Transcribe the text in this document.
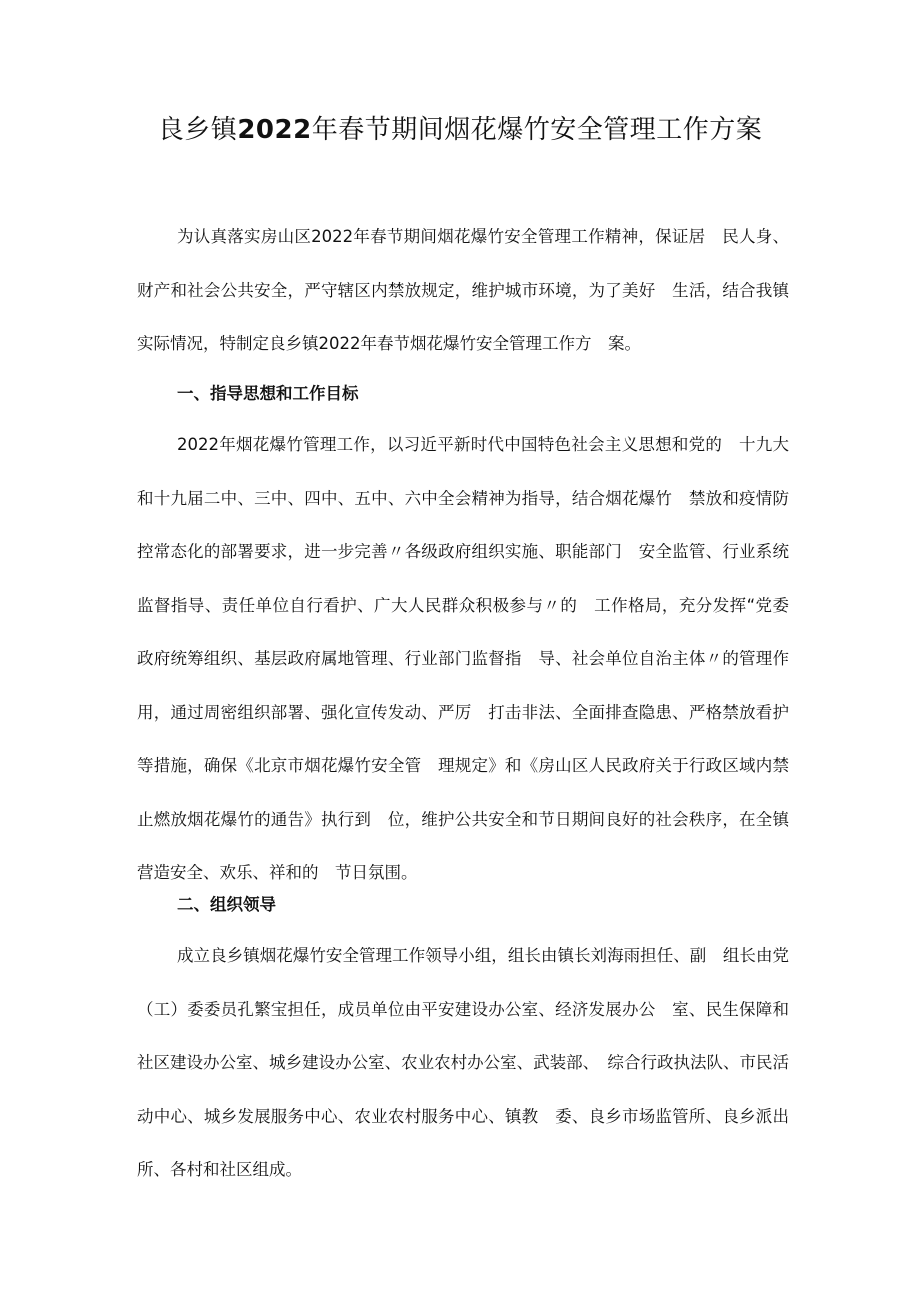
良乡镇2022年春节期间烟花爆竹安全管理工作方案

为认真落实房山区2022年春节期间烟花爆竹安全管理工作精神，保证居　民人身、财产和社会公共安全，严守辖区内禁放规定，维护城市环境，为了美好　生活，结合我镇实际情况，特制定良乡镇2022年春节烟花爆竹安全管理工作方　案。

一、指导思想和工作目标

2022年烟花爆竹管理工作，以习近平新时代中国特色社会主义思想和党的　十九大和十九届二中、三中、四中、五中、六中全会精神为指导，结合烟花爆竹　禁放和疫情防控常态化的部署要求，进一步完善〃各级政府组织实施、职能部门　安全监管、行业系统监督指导、责任单位自行看护、广大人民群众积极参与〃的　工作格局，充分发挥“党委政府统筹组织、基层政府属地管理、行业部门监督指　导、社会单位自治主体〃的管理作用，通过周密组织部署、强化宣传发动、严厉　打击非法、全面排查隐患、严格禁放看护等措施，确保《北京市烟花爆竹安全管　理规定》和《房山区人民政府关于行政区域内禁止燃放烟花爆竹的通告》执行到　位，维护公共安全和节日期间良好的社会秩序，在全镇营造安全、欢乐、祥和的　节日氛围。

二、组织领导

成立良乡镇烟花爆竹安全管理工作领导小组，组长由镇长刘海雨担任、副　组长由党（工）委委员孔繁宝担任，成员单位由平安建设办公室、经济发展办公　室、民生保障和社区建设办公室、城乡建设办公室、农业农村办公室、武装部、　综合行政执法队、市民活动中心、城乡发展服务中心、农业农村服务中心、镇教　委、良乡市场监管所、良乡派出所、各村和社区组成。
